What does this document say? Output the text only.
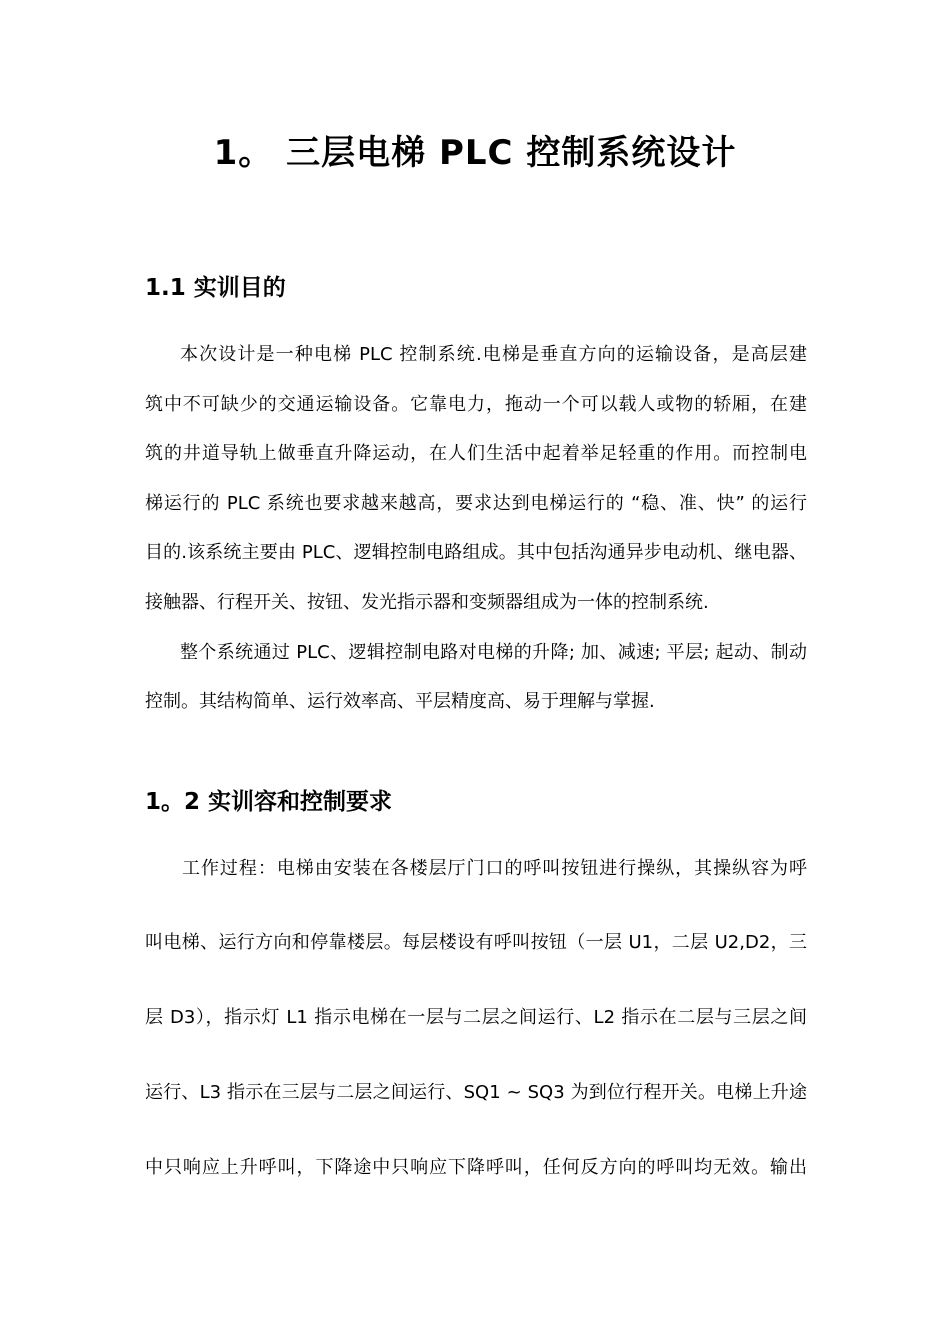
1。 三层电梯 PLC 控制系统设计
1.1 实训目的

本次设计是一种电梯 PLC 控制系统.电梯是垂直方向的运输设备，是高层建

筑中不可缺少的交通运输设备。它靠电力，拖动一个可以载人或物的轿厢，在建

筑的井道导轨上做垂直升降运动，在人们生活中起着举足轻重的作用。而控制电

梯运行的 PLC 系统也要求越来越高，要求达到电梯运行的 “稳、准、快” 的运行

目的.该系统主要由 PLC、逻辑控制电路组成。其中包括沟通异步电动机、继电器、

接触器、行程开关、按钮、发光指示器和变频器组成为一体的控制系统.

整个系统通过 PLC、逻辑控制电路对电梯的升降; 加、减速; 平层; 起动、制动

控制。其结构简单、运行效率高、平层精度高、易于理解与掌握.

1。2 实训容和控制要求

工作过程：电梯由安装在各楼层厅门口的呼叫按钮进行操纵，其操纵容为呼

叫电梯、运行方向和停靠楼层。每层楼设有呼叫按钮（一层 U1，二层 U2,D2，三

层 D3），指示灯 L1 指示电梯在一层与二层之间运行、L2 指示在二层与三层之间

运行、L3 指示在三层与二层之间运行、SQ1 ~ SQ3 为到位行程开关。电梯上升途

中只响应上升呼叫，下降途中只响应下降呼叫，任何反方向的呼叫均无效。输出
